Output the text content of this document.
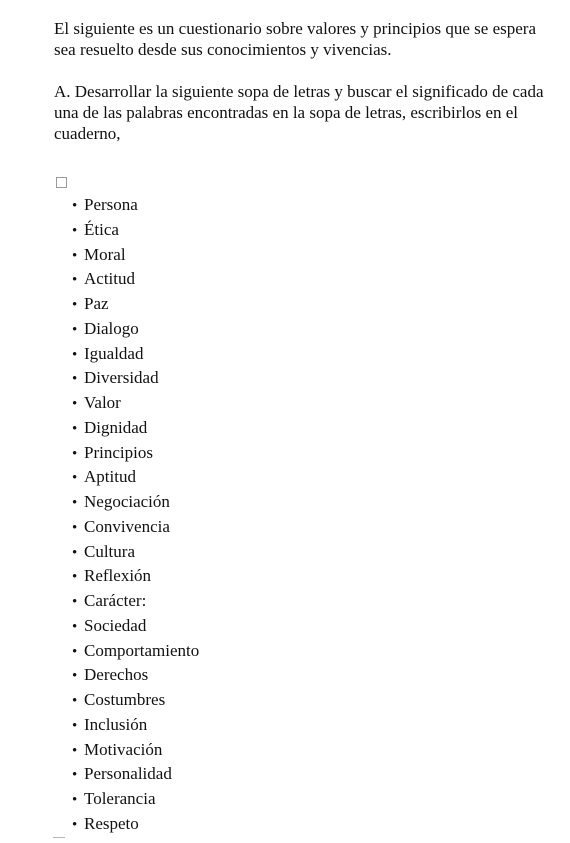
El siguiente es un cuestionario sobre valores y principios que se espera sea resuelto desde sus conocimientos y vivencias.

A. Desarrollar la siguiente sopa de letras y buscar el significado de cada una de las palabras encontradas en la sopa de letras, escribirlos en el cuaderno,

• Persona
• Ética
• Moral
• Actitud
• Paz
• Dialogo
• Igualdad
• Diversidad
• Valor
• Dignidad
• Principios
• Aptitud
• Negociación
• Convivencia
• Cultura
• Reflexión
• Carácter:
• Sociedad
• Comportamiento
• Derechos
• Costumbres
• Inclusión
• Motivación
• Personalidad
• Tolerancia
• Respeto
